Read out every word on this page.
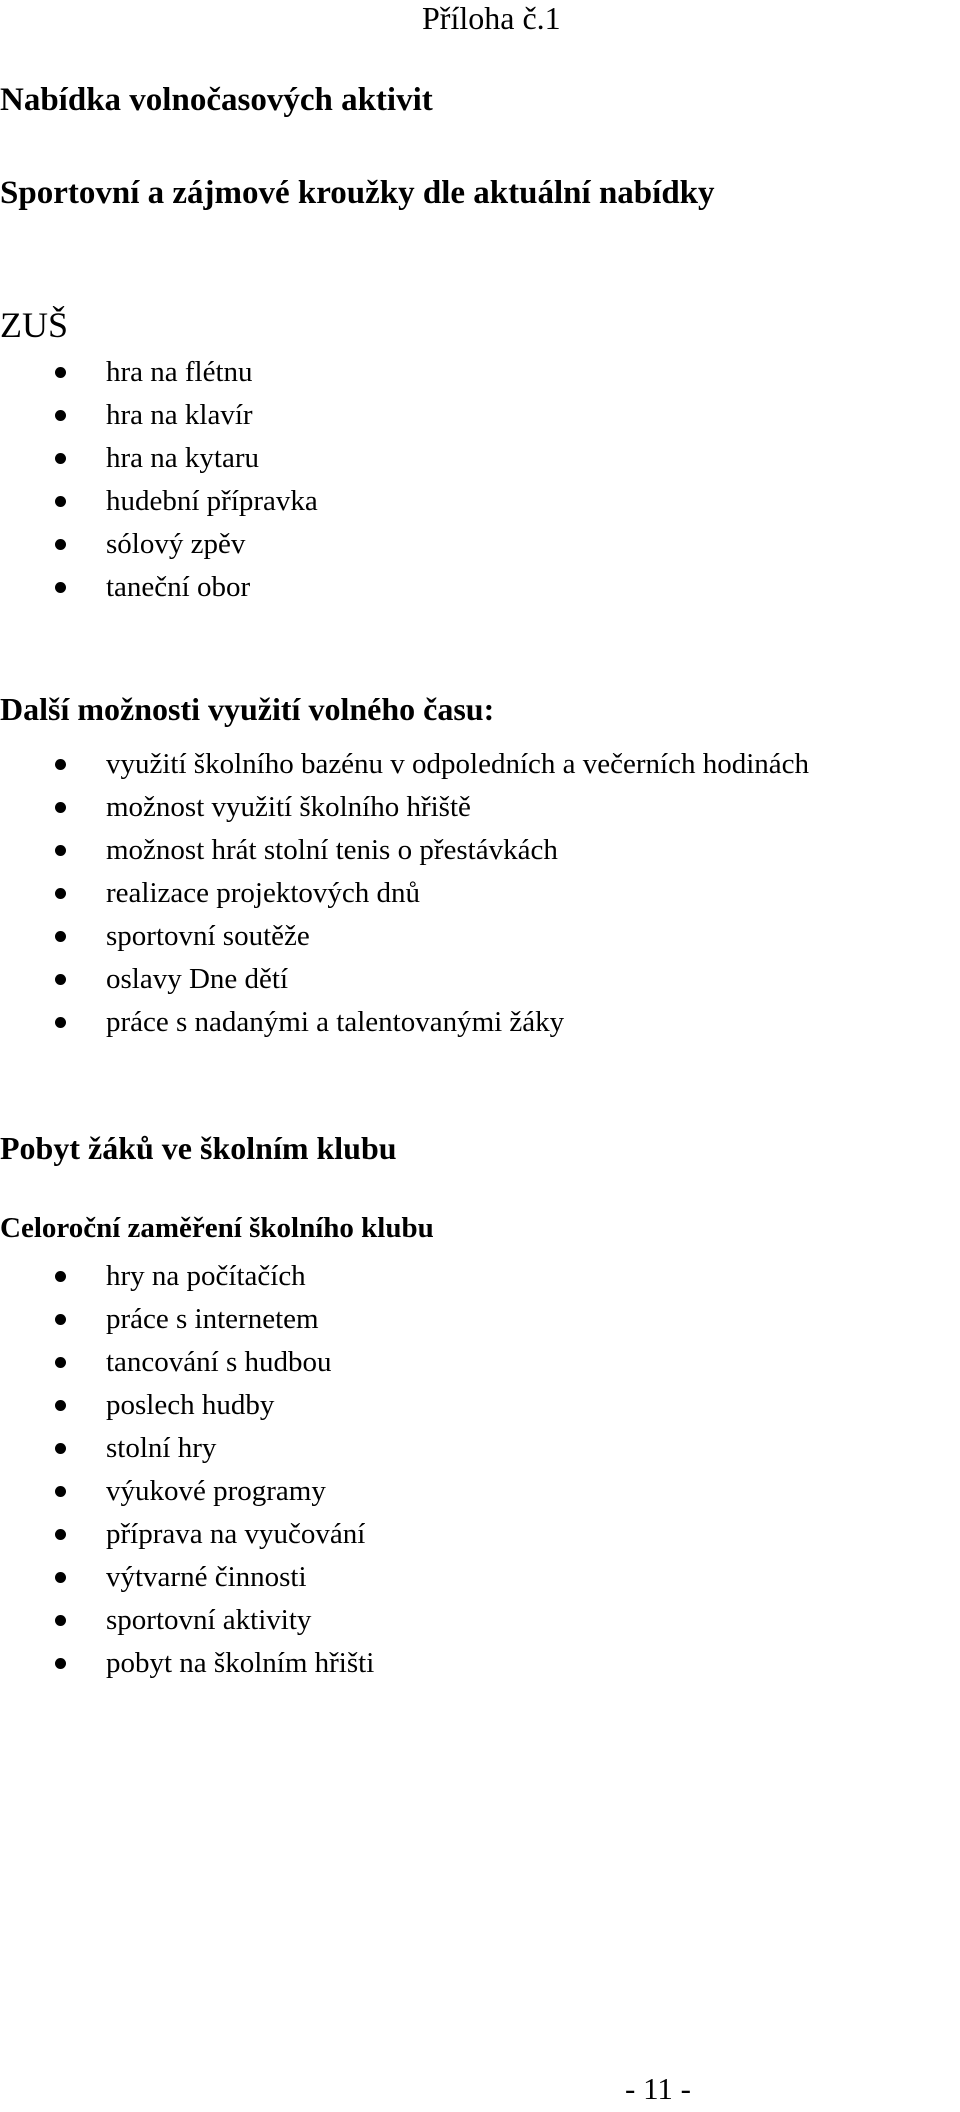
Příloha č.1
Nabídka volnočasových aktivit
Sportovní a zájmové kroužky dle aktuální nabídky
ZUŠ
hra na flétnu
hra na klavír
hra na kytaru
hudební přípravka
sólový zpěv
taneční obor
Další možnosti využití volného času:
využití školního bazénu v odpoledních a večerních hodinách
možnost využití školního hřiště
možnost hrát stolní tenis o přestávkách
realizace projektových dnů
sportovní soutěže
oslavy Dne dětí
práce s nadanými a talentovanými žáky
Pobyt žáků ve školním klubu
Celoroční zaměření školního klubu
hry na počítačích
práce s internetem
tancování s hudbou
poslech hudby
stolní hry
výukové programy
příprava na vyučování
výtvarné činnosti
sportovní aktivity
pobyt na školním hřišti
- 11 -
